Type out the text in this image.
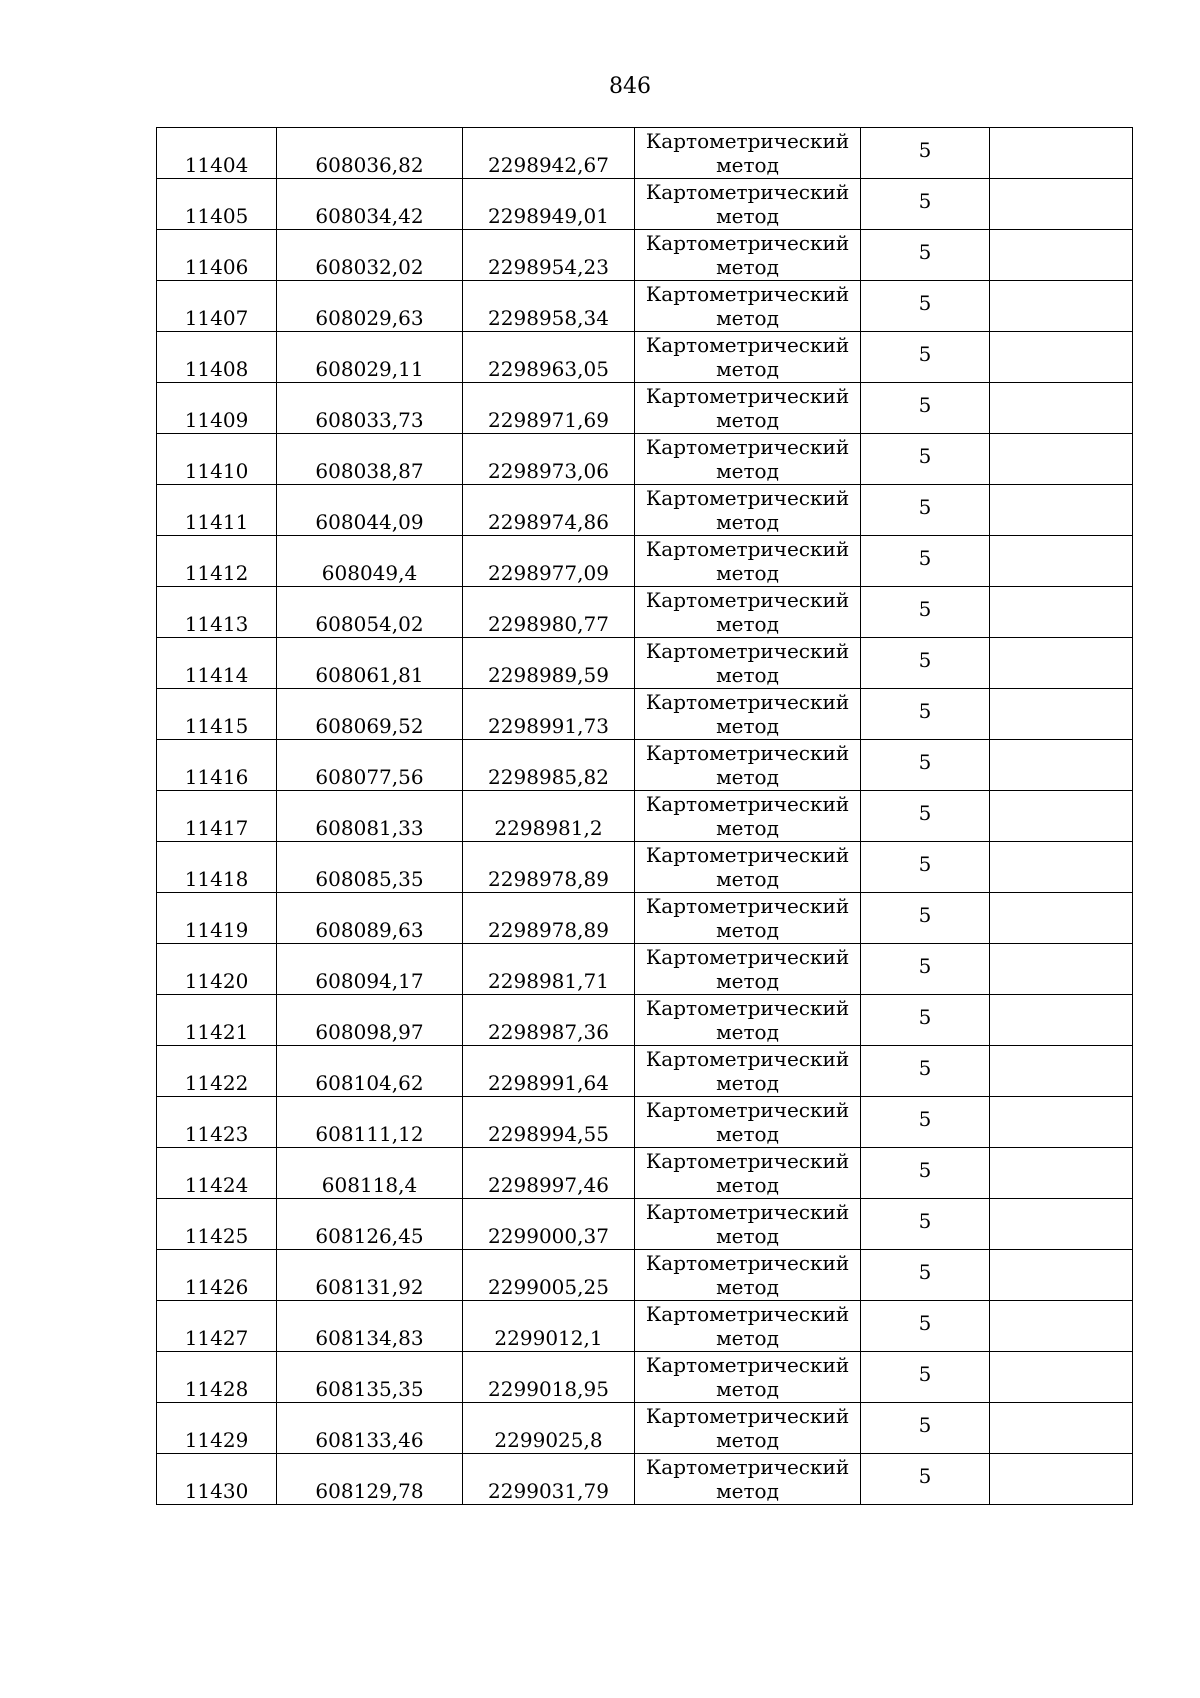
846
11404	608036,82	2298942,67	Картометрический
метод	5	
11405	608034,42	2298949,01	Картометрический
метод	5	
11406	608032,02	2298954,23	Картометрический
метод	5	
11407	608029,63	2298958,34	Картометрический
метод	5	
11408	608029,11	2298963,05	Картометрический
метод	5	
11409	608033,73	2298971,69	Картометрический
метод	5	
11410	608038,87	2298973,06	Картометрический
метод	5	
11411	608044,09	2298974,86	Картометрический
метод	5	
11412	608049,4	2298977,09	Картометрический
метод	5	
11413	608054,02	2298980,77	Картометрический
метод	5	
11414	608061,81	2298989,59	Картометрический
метод	5	
11415	608069,52	2298991,73	Картометрический
метод	5	
11416	608077,56	2298985,82	Картометрический
метод	5	
11417	608081,33	2298981,2	Картометрический
метод	5	
11418	608085,35	2298978,89	Картометрический
метод	5	
11419	608089,63	2298978,89	Картометрический
метод	5	
11420	608094,17	2298981,71	Картометрический
метод	5	
11421	608098,97	2298987,36	Картометрический
метод	5	
11422	608104,62	2298991,64	Картометрический
метод	5	
11423	608111,12	2298994,55	Картометрический
метод	5	
11424	608118,4	2298997,46	Картометрический
метод	5	
11425	608126,45	2299000,37	Картометрический
метод	5	
11426	608131,92	2299005,25	Картометрический
метод	5	
11427	608134,83	2299012,1	Картометрический
метод	5	
11428	608135,35	2299018,95	Картометрический
метод	5	
11429	608133,46	2299025,8	Картометрический
метод	5	
11430	608129,78	2299031,79	Картометрический
метод	5	
